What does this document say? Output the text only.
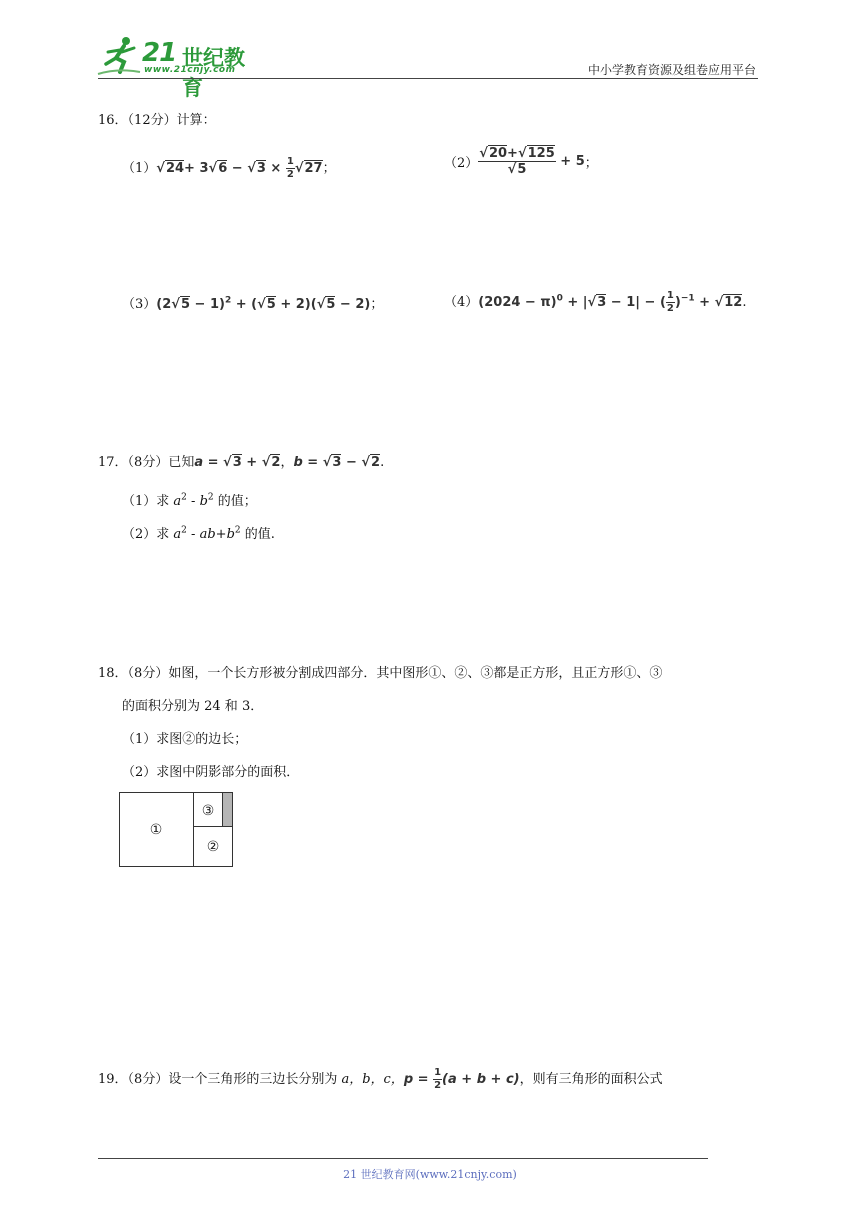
21 世纪教育
www.21cnjy.com	中小学教育资源及组卷应用平台
16．（12分）计算：
$(1)√24+ 3√6 - √3 \times \frac{1}{2} √27$；	$(2) \frac{√20+√125}{√5} + 5$；
$(3)(2√5 - 1)^2 + (√5 + 2)(√5 - 2)$；	$(4)(2024 - \pi)^0 + |√3 - 1|$ − ( $\frac{1}{2} )^{-1} + √12$.
17．（8分）已知a = √3 + √2，b = √3 − √2.
（1）求 $a^2 - b^2$ 的值；
（2）求 $a^2 - ab+b^2$ 的值.
18．（8分）如图，一个长方形被分割成四部分．其中图形①、②、③都是正方形，且正方形①、③
的面积分别为 24 和 3．
（1）求图②的边长；
（2）求图中阴影部分的面积．
①
③
②
19．（8分）设一个三角形的三边长分别为 a，b，c，$p = \frac{1}{2} (a + b + c)$，则有三角形的面积公式
21 世纪教育网(www.21cnjy.com)
